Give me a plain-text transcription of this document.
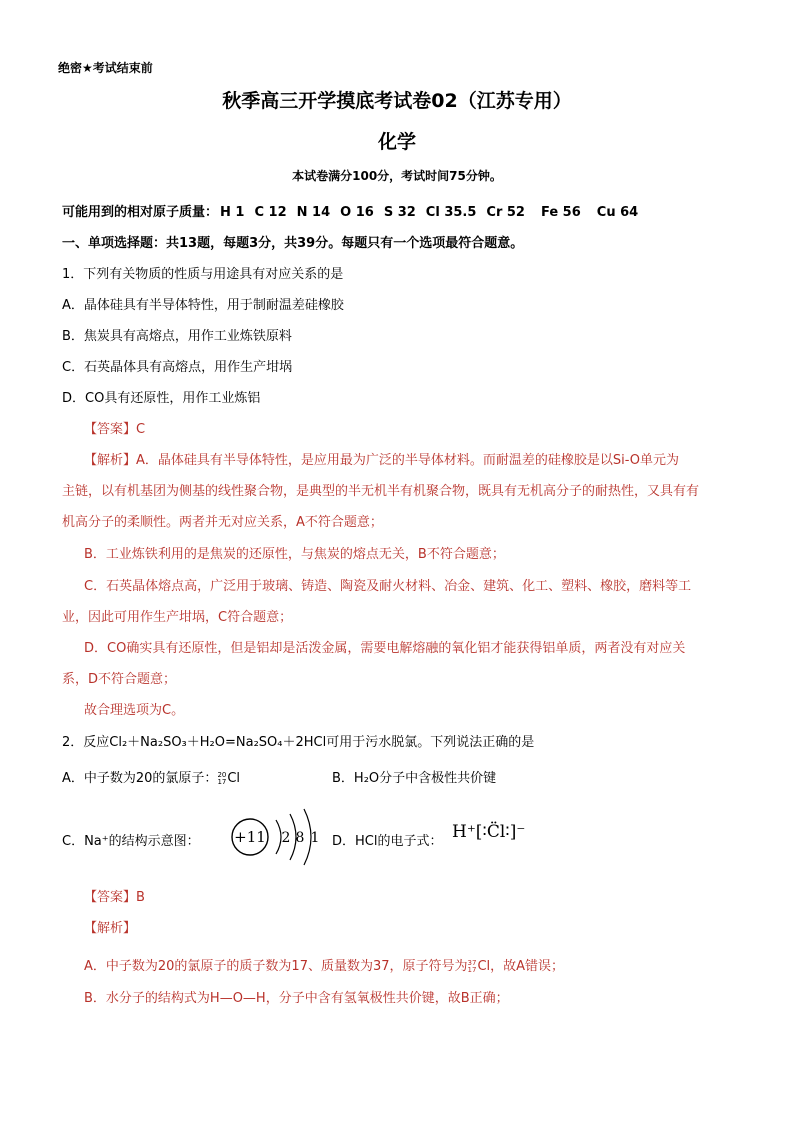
绝密★考试结束前
秋季高三开学摸底考试卷02（江苏专用）
化学
本试卷满分100分，考试时间75分钟。
可能用到的相对原子质量： H 1 C 12 N 14 O 16 S 32 Cl 35.5 Cr 52 Fe 56 Cu 64
一、单项选择题：共13题，每题3分，共39分。每题只有一个选项最符合题意。
1．下列有关物质的性质与用途具有对应关系的是
A．晶体硅具有半导体特性，用于制耐温差硅橡胶
B．焦炭具有高熔点，用作工业炼铁原料
C．石英晶体具有高熔点，用作生产坩埚
D．CO具有还原性，用作工业炼铝
【答案】C
【解析】A．晶体硅具有半导体特性，是应用最为广泛的半导体材料。而耐温差的硅橡胶是以Si-O单元为
主链，以有机基团为侧基的线性聚合物，是典型的半无机半有机聚合物，既具有无机高分子的耐热性，又具有有
机高分子的柔顺性。两者并无对应关系，A不符合题意；
B．工业炼铁利用的是焦炭的还原性，与焦炭的熔点无关，B不符合题意；
C．石英晶体熔点高，广泛用于玻璃、铸造、陶瓷及耐火材料、冶金、建筑、化工、塑料、橡胶，磨料等工
业，因此可用作生产坩埚，C符合题意；
D．CO确实具有还原性，但是铝却是活泼金属，需要电解熔融的氧化铝才能获得铝单质，两者没有对应关
系，D不符合题意；
故合理选项为C。
2．反应Cl₂＋Na₂SO₃＋H₂O=Na₂SO₄＋2HCl可用于污水脱氯。下列说法正确的是
A．中子数为20的氯原子： 20
17 Cl	B．H₂O分子中含极性共价键
C．Na⁺的结构示意图： +11 2 8 1 D．HCl的电子式： H⁺[∶C̈l∶]⁻
【答案】B
【解析】
A．中子数为20的氯原子的质子数为17、质量数为37，原子符号为 37
17 Cl，故A错误；
B．水分子的结构式为H—O—H，分子中含有氢氧极性共价键，故B正确；
